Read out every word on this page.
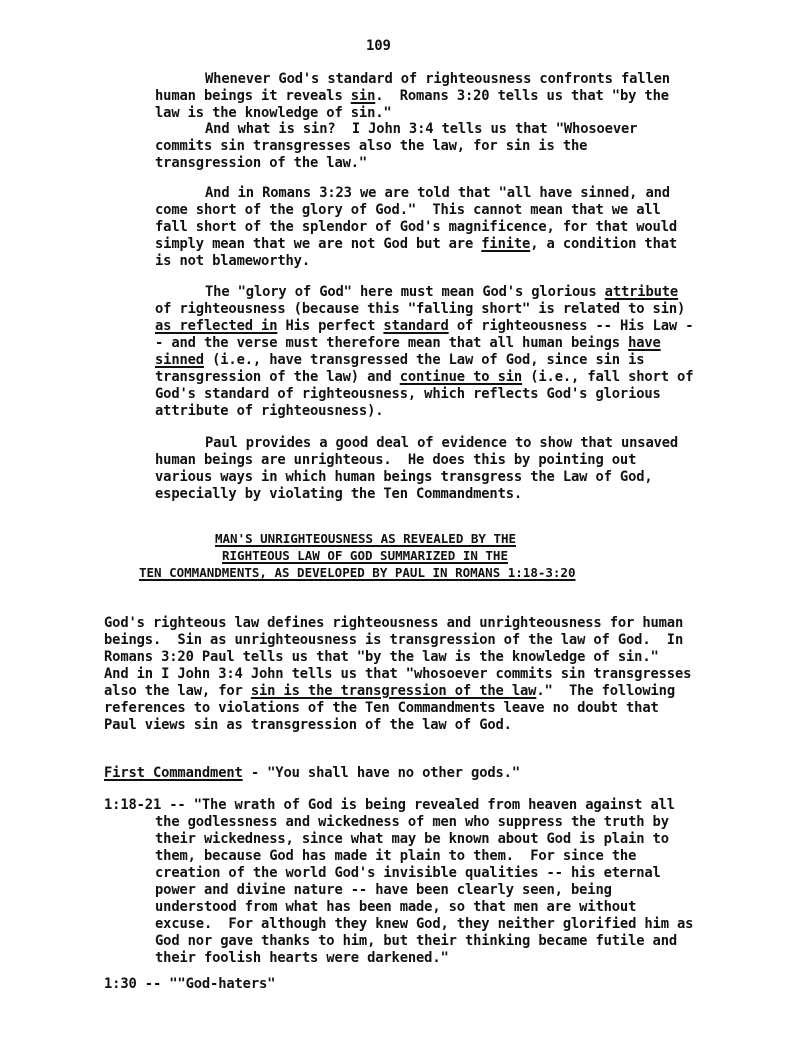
109
Whenever God's standard of righteousness confronts fallen
human beings it reveals sin.  Romans 3:20 tells us that "by the
law is the knowledge of sin."
And what is sin?  I John 3:4 tells us that "Whosoever
commits sin transgresses also the law, for sin is the
transgression of the law."
And in Romans 3:23 we are told that "all have sinned, and
come short of the glory of God."  This cannot mean that we all
fall short of the splendor of God's magnificence, for that would
simply mean that we are not God but are finite, a condition that
is not blameworthy.
The "glory of God" here must mean God's glorious attribute
of righteousness (because this "falling short" is related to sin)
as reflected in His perfect standard of righteousness -- His Law -
- and the verse must therefore mean that all human beings have
sinned (i.e., have transgressed the Law of God, since sin is
transgression of the law) and continue to sin (i.e., fall short of
God's standard of righteousness, which reflects God's glorious
attribute of righteousness).
Paul provides a good deal of evidence to show that unsaved
human beings are unrighteous.  He does this by pointing out
various ways in which human beings transgress the Law of God,
especially by violating the Ten Commandments.
MAN'S UNRIGHTEOUSNESS AS REVEALED BY THE
RIGHTEOUS LAW OF GOD SUMMARIZED IN THE
TEN COMMANDMENTS, AS DEVELOPED BY PAUL IN ROMANS 1:18-3:20
God's righteous law defines righteousness and unrighteousness for human
beings.  Sin as unrighteousness is transgression of the law of God.  In
Romans 3:20 Paul tells us that "by the law is the knowledge of sin."
And in I John 3:4 John tells us that "whosoever commits sin transgresses
also the law, for sin is the transgression of the law."  The following
references to violations of the Ten Commandments leave no doubt that
Paul views sin as transgression of the law of God.
First Commandment - "You shall have no other gods."
1:18-21 -- "The wrath of God is being revealed from heaven against all
the godlessness and wickedness of men who suppress the truth by
their wickedness, since what may be known about God is plain to
them, because God has made it plain to them.  For since the
creation of the world God's invisible qualities -- his eternal
power and divine nature -- have been clearly seen, being
understood from what has been made, so that men are without
excuse.  For although they knew God, they neither glorified him as
God nor gave thanks to him, but their thinking became futile and
their foolish hearts were darkened."
1:30 -- ""God-haters"
